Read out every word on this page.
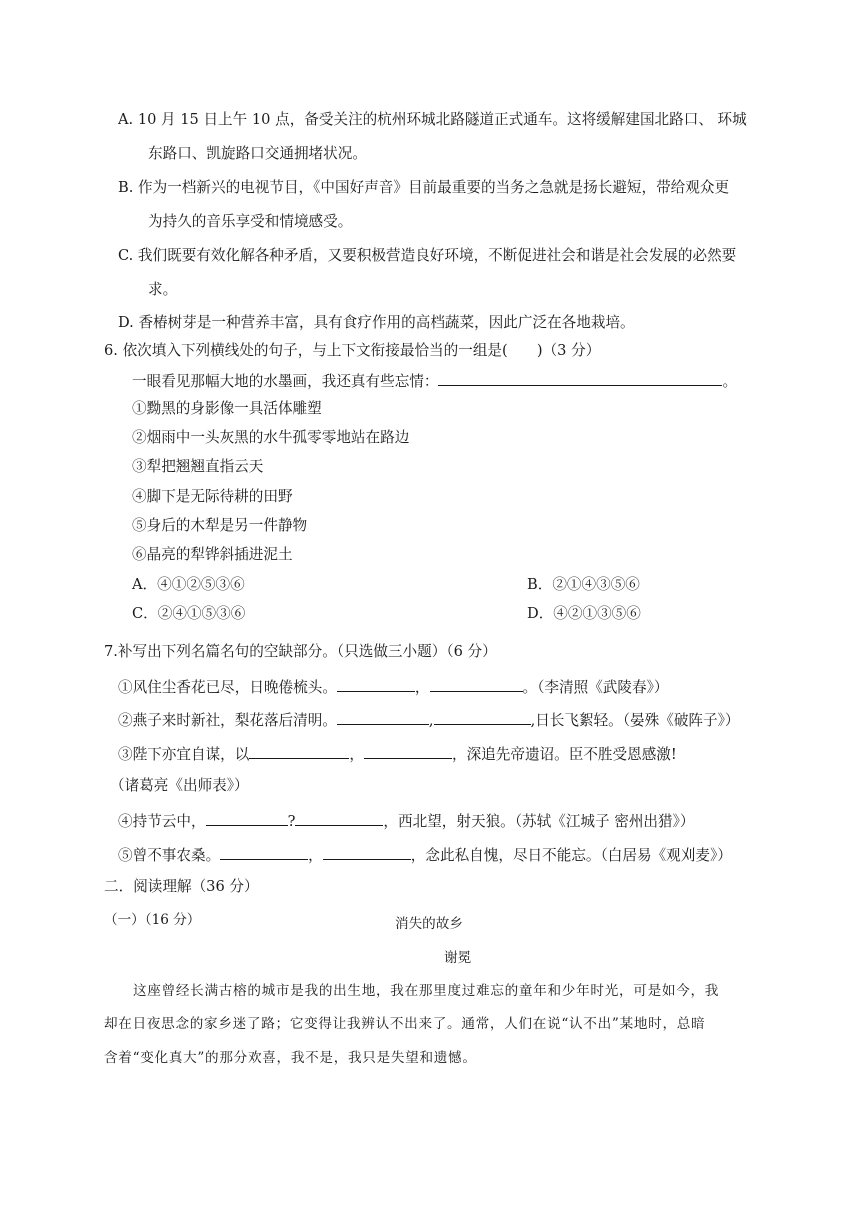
A. 10 月 15 日上午 10 点，备受关注的杭州环城北路隧道正式通车。这将缓解建国北路口、 环城
东路口、凯旋路口交通拥堵状况。
B. 作为一档新兴的电视节目，《中国好声音》目前最重要的当务之急就是扬长避短，带给观众更
为持久的音乐享受和情境感受。
C. 我们既要有效化解各种矛盾，又要积极营造良好环境，不断促进社会和谐是社会发展的必然要
求。
D. 香椿树芽是一种营养丰富，具有食疗作用的高档蔬菜，因此广泛在各地栽培。
6. 依次填入下列横线处的句子，与上下文衔接最恰当的一组是(　　)（3 分）
一眼看见那幅大地的水墨画，我还真有些忘情：	。
①黝黑的身影像一具活体雕塑
②烟雨中一头灰黑的水牛孤零零地站在路边
③犁把翘翘直指云天
④脚下是无际待耕的田野
⑤身后的木犁是另一件静物
⑥晶亮的犁铧斜插进泥土
A．④①②⑤③⑥	B．②①④③⑤⑥
C．②④①⑤③⑥	D．④②①③⑤⑥
7.补写出下列名篇名句的空缺部分。（只选做三小题）（6 分）
①风住尘香花已尽，日晚倦梳头。	，	。（李清照《武陵春》）
②燕子来时新社，梨花落后清明。	,	,日长飞絮轻。（晏殊《破阵子》）
③陛下亦宜自谋，以	，	，深追先帝遗诏。臣不胜受恩感激!
（诸葛亮《出师表》）
④持节云中，	?	，西北望，射天狼。（苏轼《江城子 密州出猎》）
⑤曾不事农桑。	，	，念此私自愧，尽日不能忘。（白居易《观刈麦》）
二．阅读理解（36 分）
（一）（16 分）	消失的故乡
谢冕
这座曾经长满古榕的城市是我的出生地，我在那里度过难忘的童年和少年时光，可是如今，我
却在日夜思念的家乡迷了路；它变得让我辨认不出来了。通常，人们在说“认不出”某地时，总暗
含着“变化真大”的那分欢喜，我不是，我只是失望和遗憾。
